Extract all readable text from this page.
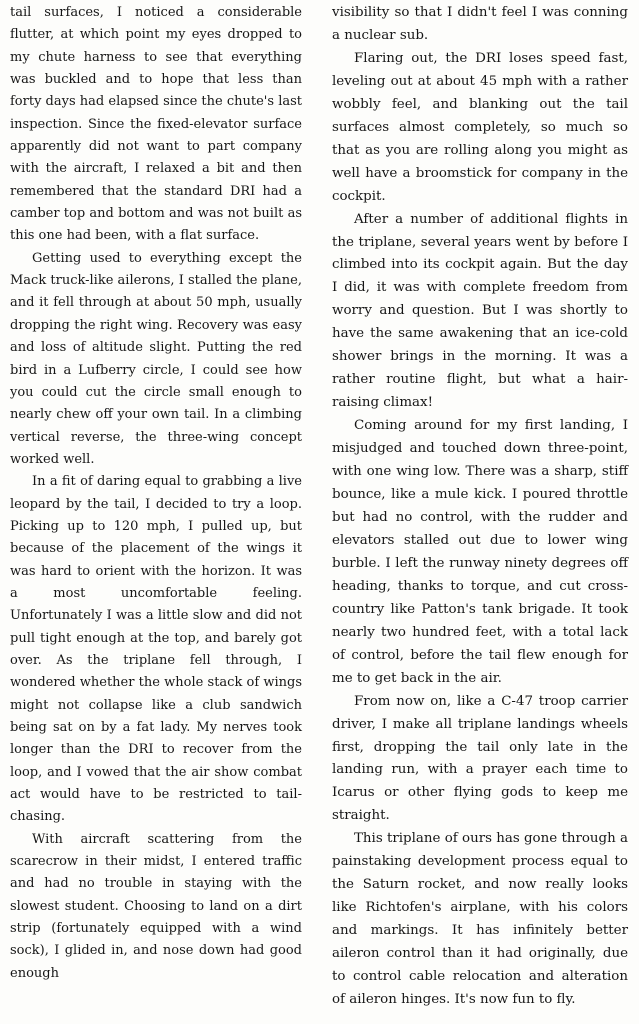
tail surfaces, I noticed a considerable flutter, at which point my eyes dropped to my chute harness to see that everything was buckled and to hope that less than forty days had elapsed since the chute's last inspection. Since the fixed-elevator surface apparently did not want to part company with the aircraft, I relaxed a bit and then remembered that the standard DRI had a camber top and bottom and was not built as this one had been, with a flat surface.

Getting used to everything except the Mack truck-like ailerons, I stalled the plane, and it fell through at about 50 mph, usually dropping the right wing. Recovery was easy and loss of altitude slight. Putting the red bird in a Lufberry circle, I could see how you could cut the circle small enough to nearly chew off your own tail. In a climbing vertical reverse, the three-wing concept worked well.

In a fit of daring equal to grabbing a live leopard by the tail, I decided to try a loop. Picking up to 120 mph, I pulled up, but because of the placement of the wings it was hard to orient with the horizon. It was a most uncomfortable feeling. Unfortunately I was a little slow and did not pull tight enough at the top, and barely got over. As the triplane fell through, I wondered whether the whole stack of wings might not collapse like a club sandwich being sat on by a fat lady. My nerves took longer than the DRI to recover from the loop, and I vowed that the air show combat act would have to be restricted to tail-chasing.

With aircraft scattering from the scarecrow in their midst, I entered traffic and had no trouble in staying with the slowest student. Choosing to land on a dirt strip (fortunately equipped with a wind sock), I glided in, and nose down had good enough

visibility so that I didn't feel I was conning a nuclear sub.

Flaring out, the DRI loses speed fast, leveling out at about 45 mph with a rather wobbly feel, and blanking out the tail surfaces almost completely, so much so that as you are rolling along you might as well have a broomstick for company in the cockpit.

After a number of additional flights in the triplane, several years went by before I climbed into its cockpit again. But the day I did, it was with complete freedom from worry and question. But I was shortly to have the same awakening that an ice-cold shower brings in the morning. It was a rather routine flight, but what a hair-raising climax!

Coming around for my first landing, I misjudged and touched down three-point, with one wing low. There was a sharp, stiff bounce, like a mule kick. I poured throttle but had no control, with the rudder and elevators stalled out due to lower wing burble. I left the runway ninety degrees off heading, thanks to torque, and cut cross-country like Patton's tank brigade. It took nearly two hundred feet, with a total lack of control, before the tail flew enough for me to get back in the air.

From now on, like a C-47 troop carrier driver, I make all triplane landings wheels first, dropping the tail only late in the landing run, with a prayer each time to Icarus or other flying gods to keep me straight.

This triplane of ours has gone through a painstaking development process equal to the Saturn rocket, and now really looks like Richtofen's airplane, with his colors and markings. It has infinitely better aileron control than it had originally, due to control cable relocation and alteration of aileron hinges. It's now fun to fly.
